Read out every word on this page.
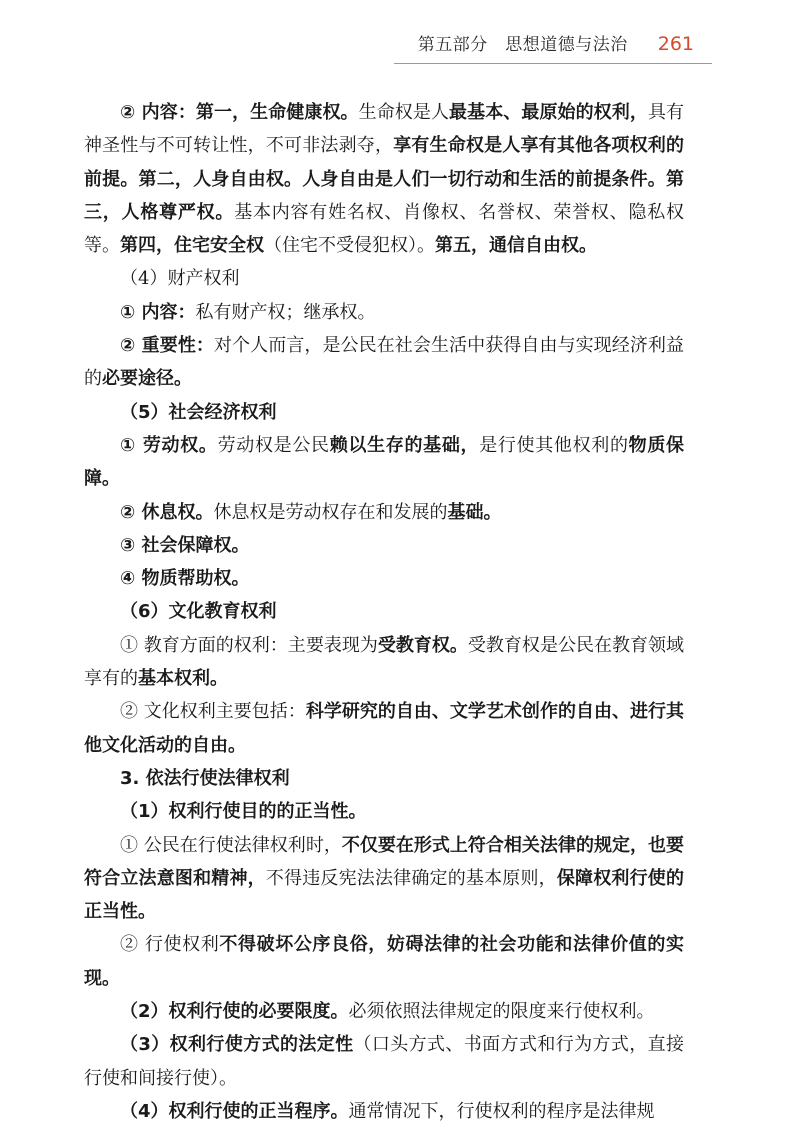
第五部分　思想道德与法治 261

② 内容：第一，生命健康权。生命权是人最基本、最原始的权利，具有神圣性与不可转让性，不可非法剥夺，享有生命权是人享有其他各项权利的前提。第二，人身自由权。人身自由是人们一切行动和生活的前提条件。第三，人格尊严权。基本内容有姓名权、肖像权、名誉权、荣誉权、隐私权等。第四，住宅安全权（住宅不受侵犯权）。第五，通信自由权。

（4）财产权利

① 内容：私有财产权；继承权。

② 重要性：对个人而言，是公民在社会生活中获得自由与实现经济利益的必要途径。

（5）社会经济权利

① 劳动权。劳动权是公民赖以生存的基础，是行使其他权利的物质保障。

② 休息权。休息权是劳动权存在和发展的基础。

③ 社会保障权。

④ 物质帮助权。

（6）文化教育权利

① 教育方面的权利：主要表现为受教育权。受教育权是公民在教育领域享有的基本权利。

② 文化权利主要包括：科学研究的自由、文学艺术创作的自由、进行其他文化活动的自由。

3. 依法行使法律权利

（1）权利行使目的的正当性。

① 公民在行使法律权利时，不仅要在形式上符合相关法律的规定，也要符合立法意图和精神，不得违反宪法法律确定的基本原则，保障权利行使的正当性。

② 行使权利不得破坏公序良俗，妨碍法律的社会功能和法律价值的实现。

（2）权利行使的必要限度。必须依照法律规定的限度来行使权利。

（3）权利行使方式的法定性（口头方式、书面方式和行为方式，直接行使和间接行使）。

（4）权利行使的正当程序。通常情况下，行使权利的程序是法律规
